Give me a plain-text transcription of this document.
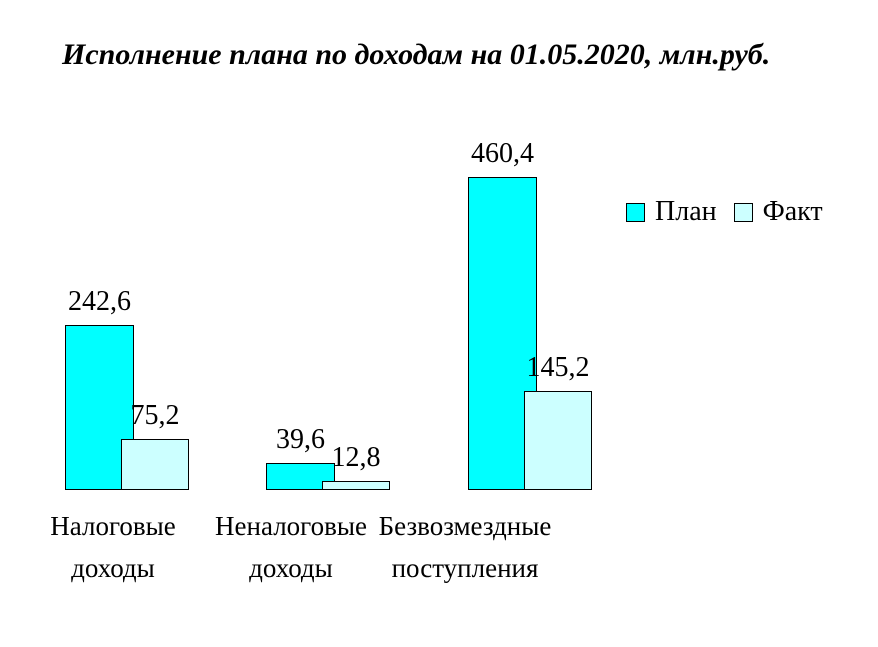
Исполнение плана по доходам на 01.05.2020, млн.руб.
План Факт
242,6
75,2
Налоговые
доходы
39,6
12,8
Неналоговые
доходы
460,4
145,2
Безвозмездные
поступления
